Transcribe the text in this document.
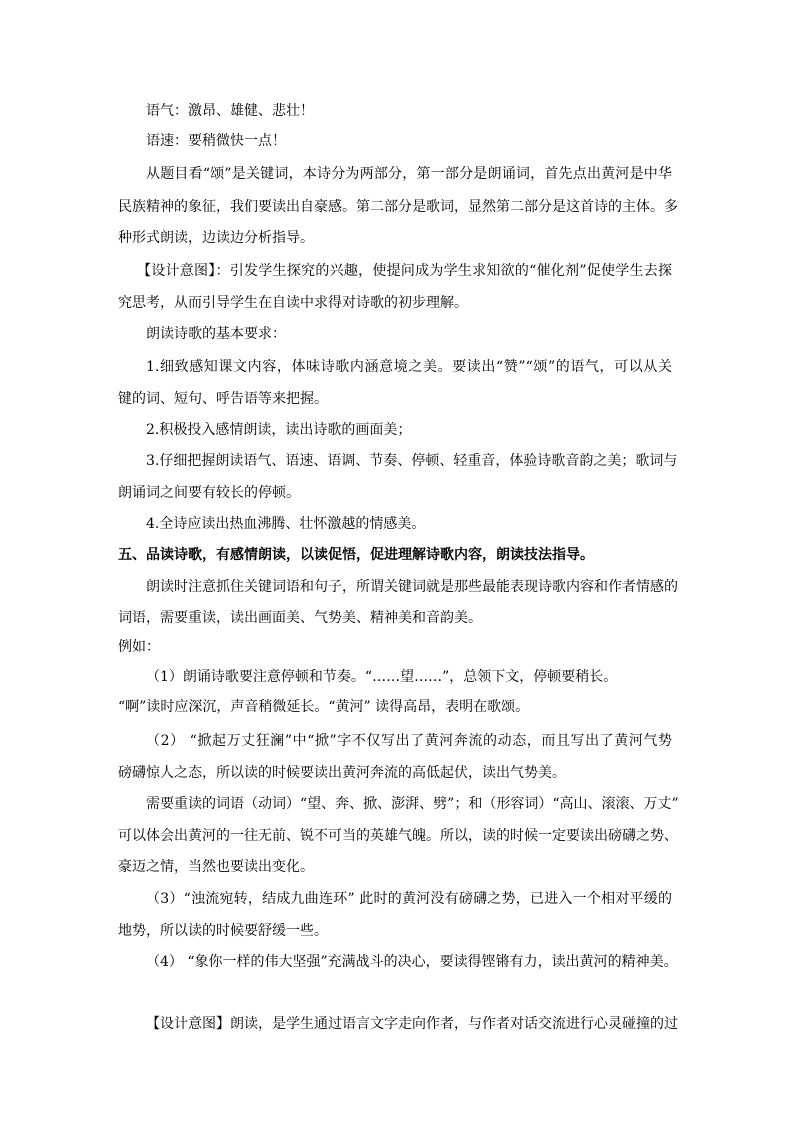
语气：激昂、雄健、悲壮！
语速：要稍微快一点！
从题目看“颂”是关键词，本诗分为两部分，第一部分是朗诵词，首先点出黄河是中华
民族精神的象征，我们要读出自豪感。第二部分是歌词，显然第二部分是这首诗的主体。多
种形式朗读，边读边分析指导。
【设计意图】：引发学生探究的兴趣，使提问成为学生求知欲的“催化剂”促使学生去探
究思考，从而引导学生在自读中求得对诗歌的初步理解。
朗读诗歌的基本要求：
1.细致感知课文内容，体味诗歌内涵意境之美。要读出“赞”“颂”的语气，可以从关
键的词、短句、呼告语等来把握。
2.积极投入感情朗读，读出诗歌的画面美；
3.仔细把握朗读语气、语速、语调、节奏、停顿、轻重音，体验诗歌音韵之美；歌词与
朗诵词之间要有较长的停顿。
4.全诗应读出热血沸腾、壮怀激越的情感美。
五、品读诗歌，有感情朗读，以读促悟，促进理解诗歌内容，朗读技法指导。
朗读时注意抓住关键词语和句子，所谓关键词就是那些最能表现诗歌内容和作者情感的
词语，需要重读，读出画面美、气势美、精神美和音韵美。
例如：
（1）朗诵诗歌要注意停顿和节奏。“……望……”，总领下文，停顿要稍长。
“啊”读时应深沉，声音稍微延长。“黄河” 读得高昂，表明在歌颂。
（2） “掀起万丈狂澜”中“掀”字不仅写出了黄河奔流的动态，而且写出了黄河气势
磅礴惊人之态，所以读的时候要读出黄河奔流的高低起伏，读出气势美。
需要重读的词语（动词）“望、奔、掀、澎湃、劈”；和（形容词）“高山、滚滚、万丈”
可以体会出黄河的一往无前、锐不可当的英雄气魄。所以，读的时候一定要读出磅礴之势、
豪迈之情，当然也要读出变化。
（3）“浊流宛转，结成九曲连环” 此时的黄河没有磅礴之势，已进入一个相对平缓的
地势，所以读的时候要舒缓一些。
（4） “象你一样的伟大坚强”充满战斗的决心，要读得铿锵有力，读出黄河的精神美。
【设计意图】朗读，是学生通过语言文字走向作者，与作者对话交流进行心灵碰撞的过
